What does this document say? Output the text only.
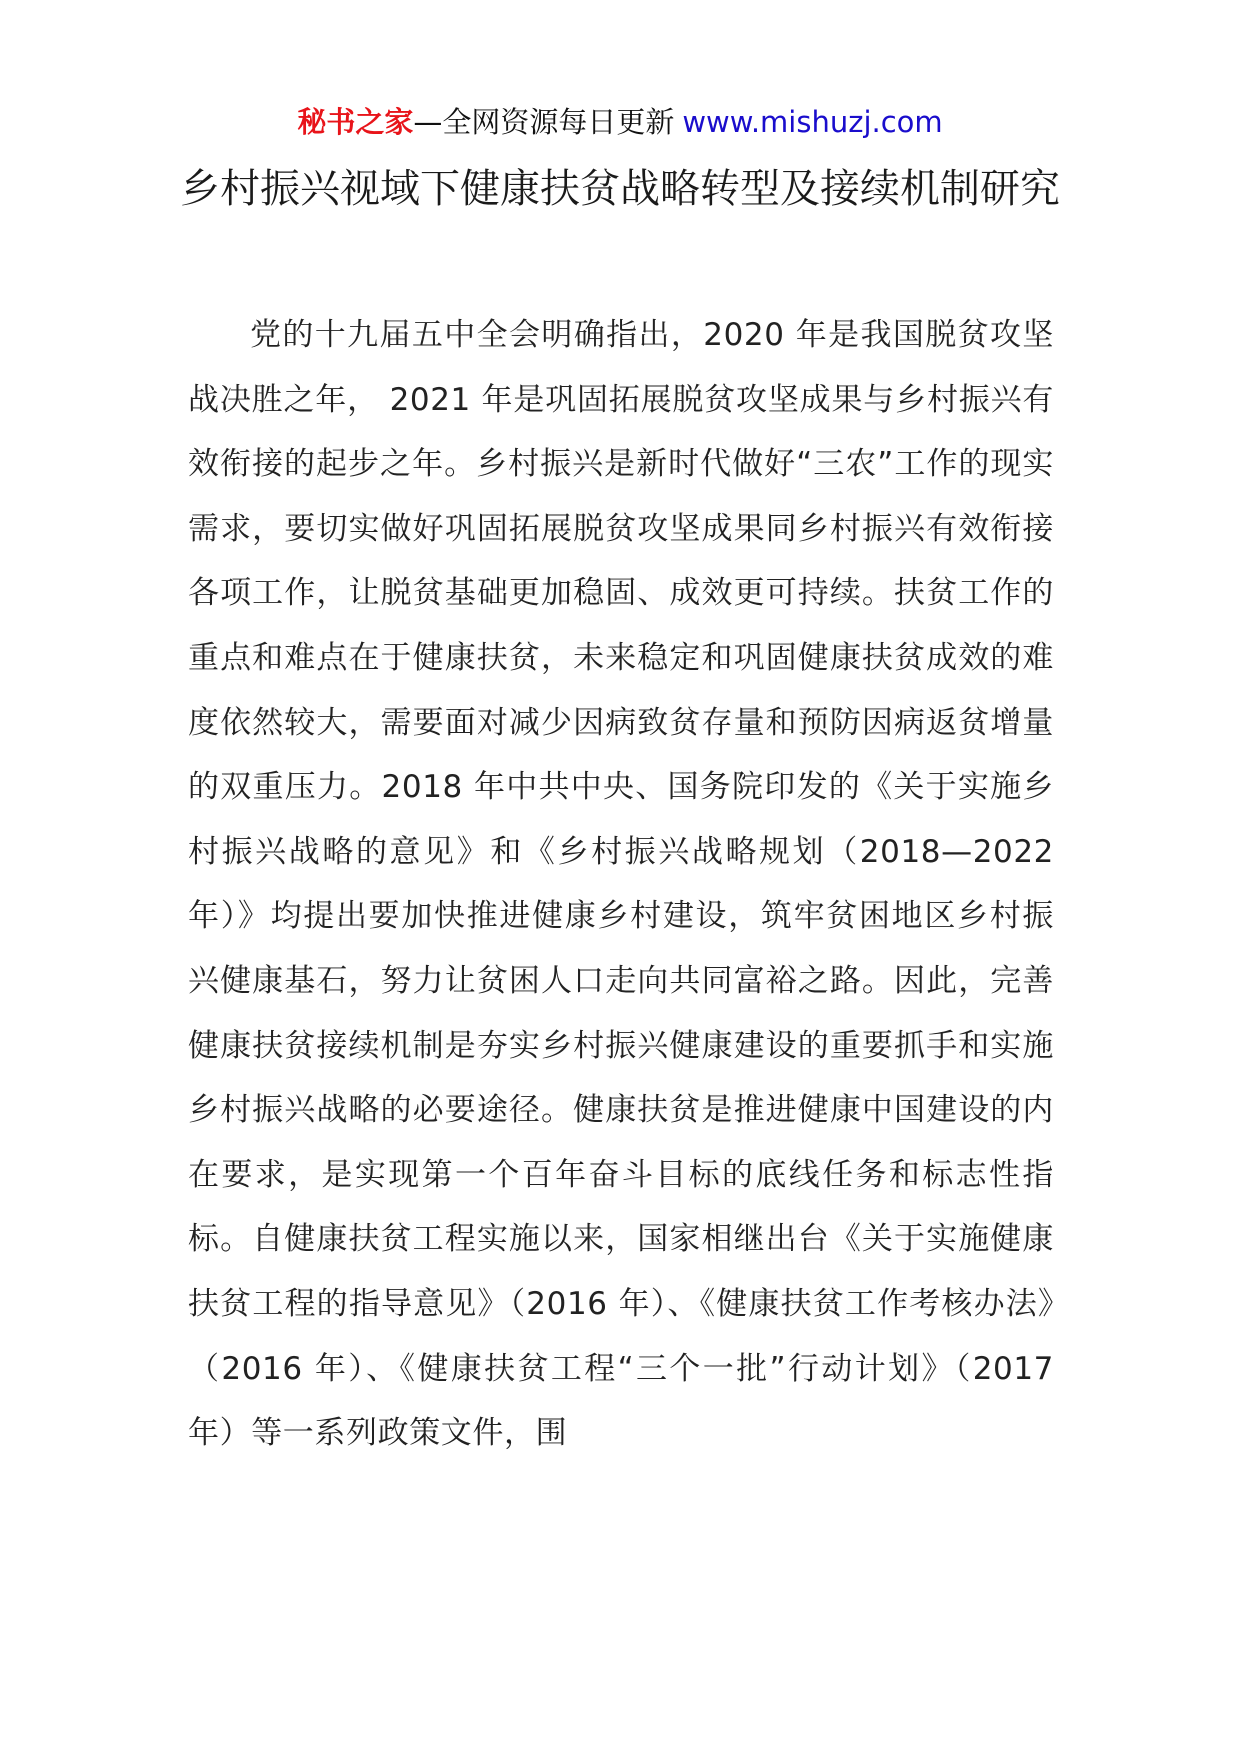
秘书之家—全网资源每日更新 www.mishuzj.com
乡村振兴视域下健康扶贫战略转型及接续机制研究

党的十九届五中全会明确指出，2020 年是我国脱贫攻坚战决胜之年， 2021 年是巩固拓展脱贫攻坚成果与乡村振兴有效衔接的起步之年。乡村振兴是新时代做好“三农”工作的现实需求，要切实做好巩固拓展脱贫攻坚成果同乡村振兴有效衔接各项工作，让脱贫基础更加稳固、成效更可持续。扶贫工作的重点和难点在于健康扶贫，未来稳定和巩固健康扶贫成效的难度依然较大，需要面对减少因病致贫存量和预防因病返贫增量的双重压力。2018 年中共中央、国务院印发的《关于实施乡村振兴战略的意见》和《乡村振兴战略规划（2018—2022 年）》均提出要加快推进健康乡村建设，筑牢贫困地区乡村振兴健康基石，努力让贫困人口走向共同富裕之路。因此，完善健康扶贫接续机制是夯实乡村振兴健康建设的重要抓手和实施乡村振兴战略的必要途径。健康扶贫是推进健康中国建设的内在要求，是实现第一个百年奋斗目标的底线任务和标志性指标。自健康扶贫工程实施以来，国家相继出台《关于实施健康扶贫工程的指导意见》（2016 年）、《健康扶贫工作考核办法》（2016 年）、《健康扶贫工程“三个一批”行动计划》（2017 年）等一系列政策文件，围
